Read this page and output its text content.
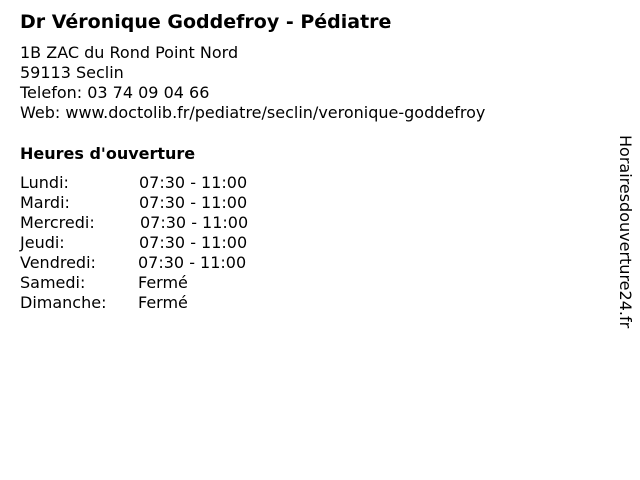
Dr Véronique Goddefroy - Pédiatre
1B ZAC du Rond Point Nord
59113 Seclin
Telefon: 03 74 09 04 66
Web: www.doctolib.fr/pediatre/seclin/veronique-goddefroy
Heures d'ouverture
Lundi:	07:30 - 11:00
Mardi:	07:30 - 11:00
Mercredi:	07:30 - 11:00
Jeudi:	07:30 - 11:00
Vendredi:	07:30 - 11:00
Samedi:	Fermé
Dimanche: Fermé	Horairesdouverture24.fr
